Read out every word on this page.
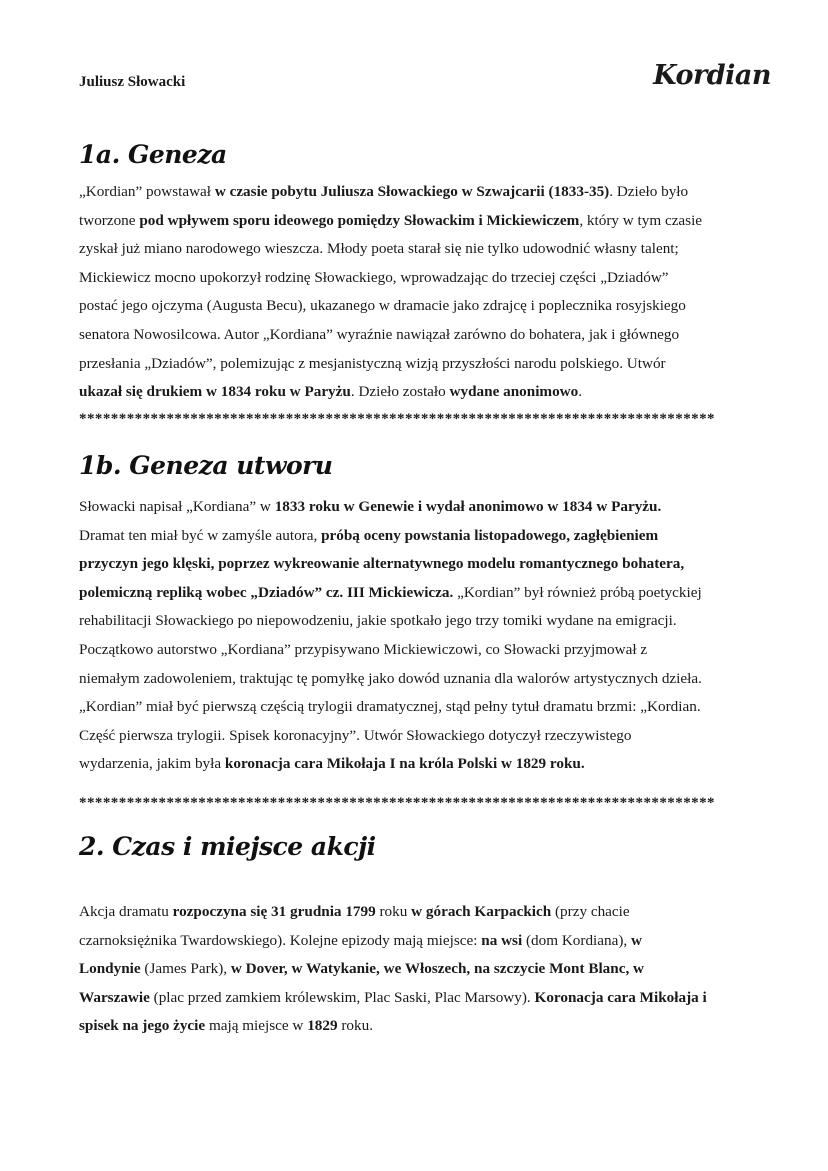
Juliusz Słowacki	Kordian
1a. Geneza

„Kordian” powstawał w czasie pobytu Juliusza Słowackiego w Szwajcarii (1833-35). Dzieło było

tworzone pod wpływem sporu ideowego pomiędzy Słowackim i Mickiewiczem, który w tym czasie

zyskał już miano narodowego wieszcza. Młody poeta starał się nie tylko udowodnić własny talent;

Mickiewicz mocno upokorzył rodzinę Słowackiego, wprowadzając do trzeciej części „Dziadów”

postać jego ojczyma (Augusta Becu), ukazanego w dramacie jako zdrajcę i poplecznika rosyjskiego

senatora Nowosilcowa. Autor „Kordiana” wyraźnie nawiązał zarówno do bohatera, jak i głównego

przesłania „Dziadów”, polemizując z mesjanistyczną wizją przyszłości narodu polskiego. Utwór

ukazał się drukiem w 1834 roku w Paryżu. Dzieło zostało wydane anonimowo.

********************************************************************************
1b. Geneza utworu

Słowacki napisał „Kordiana” w 1833 roku w Genewie i wydał anonimowo w 1834 w Paryżu.

Dramat ten miał być w zamyśle autora, próbą oceny powstania listopadowego, zagłębieniem

przyczyn jego klęski, poprzez wykreowanie alternatywnego modelu romantycznego bohatera,

polemiczną repliką wobec „Dziadów” cz. III Mickiewicza. „Kordian” był również próbą poetyckiej

rehabilitacji Słowackiego po niepowodzeniu, jakie spotkało jego trzy tomiki wydane na emigracji.

Początkowo autorstwo „Kordiana” przypisywano Mickiewiczowi, co Słowacki przyjmował z

niemałym zadowoleniem, traktując tę pomyłkę jako dowód uznania dla walorów artystycznych dzieła.

„Kordian” miał być pierwszą częścią trylogii dramatycznej, stąd pełny tytuł dramatu brzmi: „Kordian.

Część pierwsza trylogii. Spisek koronacyjny”. Utwór Słowackiego dotyczył rzeczywistego

wydarzenia, jakim była koronacja cara Mikołaja I na króla Polski w 1829 roku.

********************************************************************************
2. Czas i miejsce akcji

Akcja dramatu rozpoczyna się 31 grudnia 1799 roku w górach Karpackich (przy chacie

czarnoksiężnika Twardowskiego). Kolejne epizody mają miejsce: na wsi (dom Kordiana), w

Londynie (James Park), w Dover, w Watykanie, we Włoszech, na szczycie Mont Blanc, w

Warszawie (plac przed zamkiem królewskim, Plac Saski, Plac Marsowy). Koronacja cara Mikołaja i

spisek na jego życie mają miejsce w 1829 roku.
